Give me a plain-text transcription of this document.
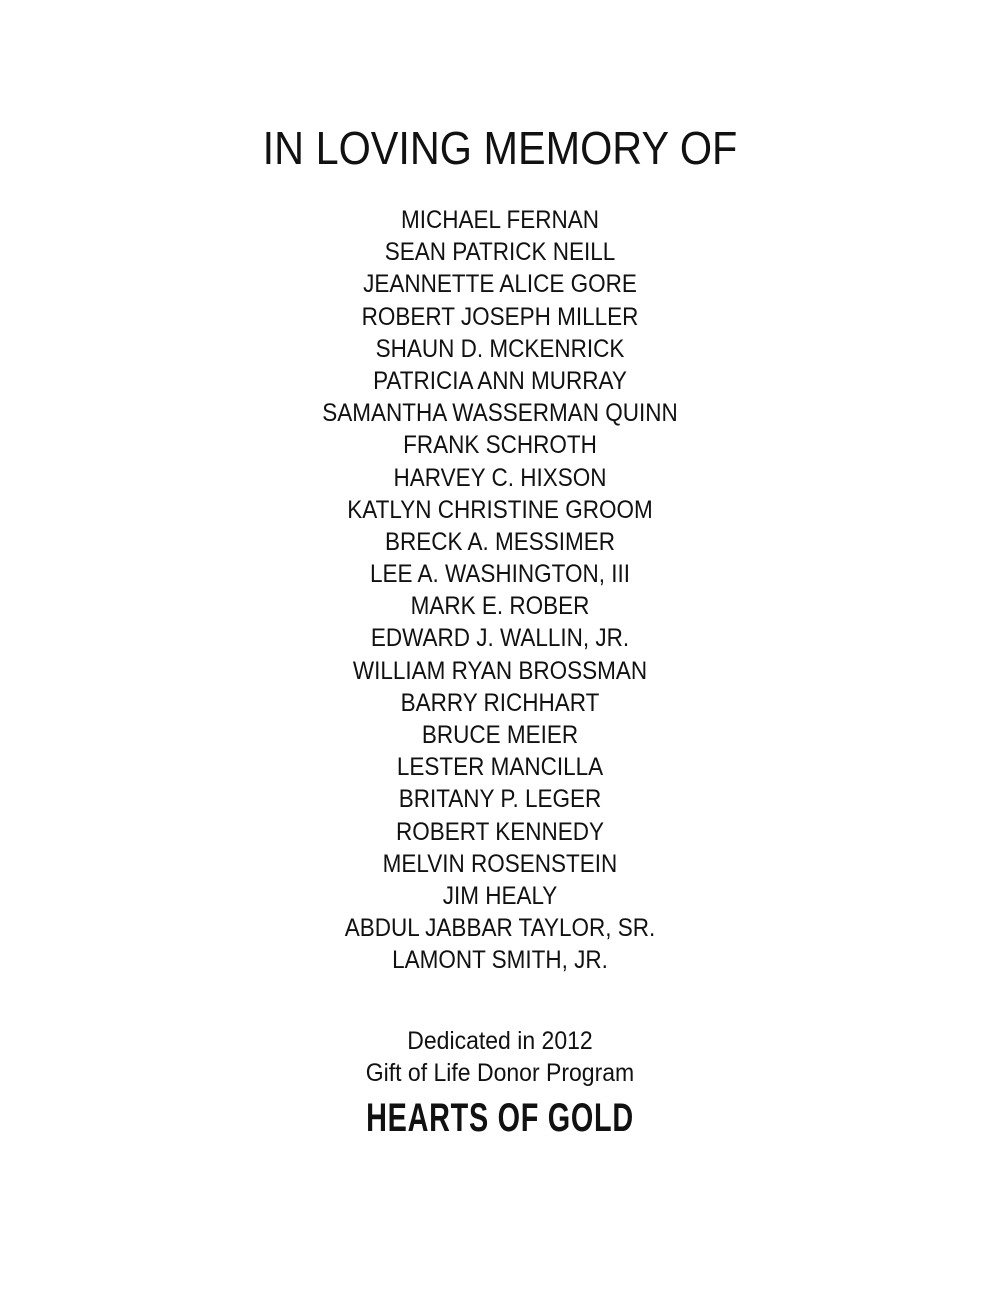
IN LOVING MEMORY OF
MICHAEL FERNAN
SEAN PATRICK NEILL
JEANNETTE ALICE GORE
ROBERT JOSEPH MILLER
SHAUN D. MCKENRICK
PATRICIA ANN MURRAY
SAMANTHA WASSERMAN QUINN
FRANK SCHROTH
HARVEY C. HIXSON
KATLYN CHRISTINE GROOM
BRECK A. MESSIMER
LEE A. WASHINGTON, III
MARK E. ROBER
EDWARD J. WALLIN, JR.
WILLIAM RYAN BROSSMAN
BARRY RICHHART
BRUCE MEIER
LESTER MANCILLA
BRITANY P. LEGER
ROBERT KENNEDY
MELVIN ROSENSTEIN
JIM HEALY
ABDUL JABBAR TAYLOR, SR.
LAMONT SMITH, JR.
Dedicated in 2012
Gift of Life Donor Program
HEARTS OF GOLD
